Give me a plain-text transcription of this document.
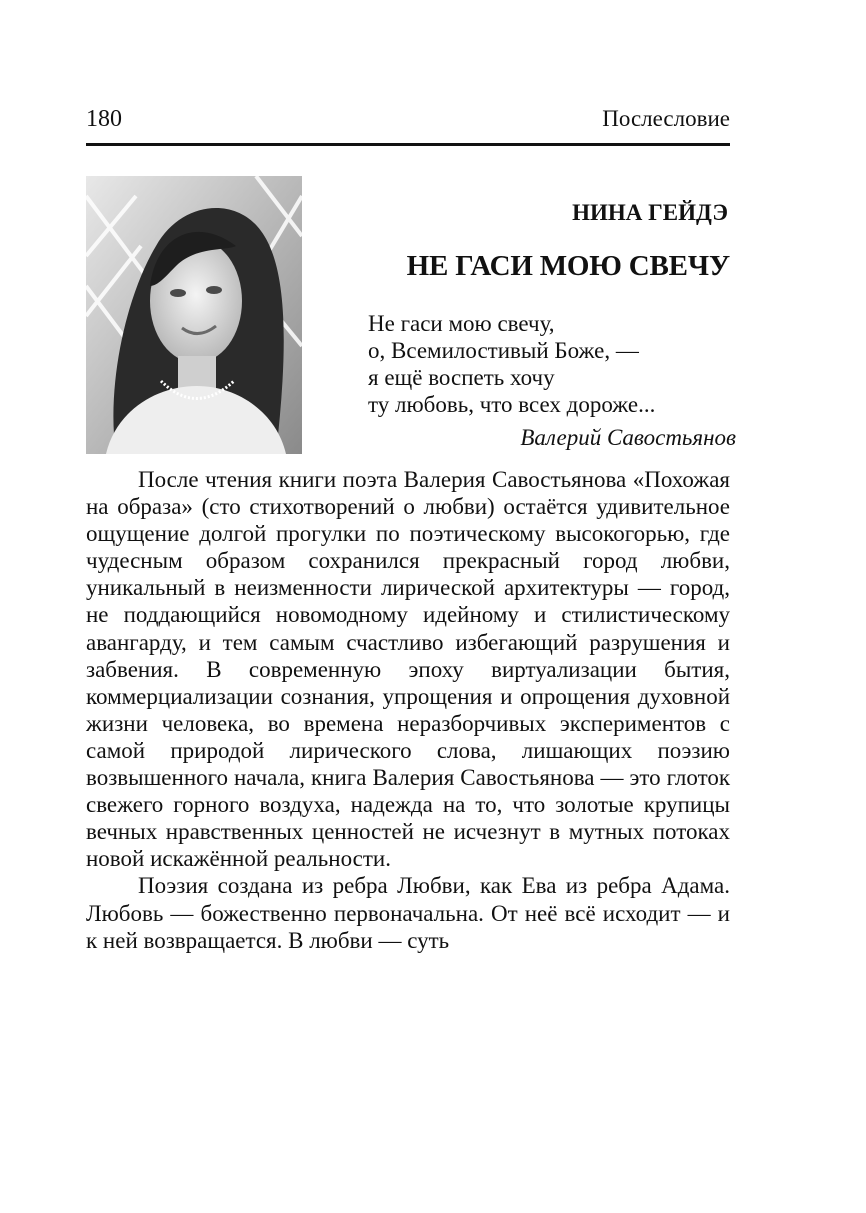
180	Послесловие
НИНА ГЕЙДЭ
НЕ ГАСИ МОЮ СВЕЧУ
Не гаси мою свечу,
о, Всемилостивый Боже, —
я ещё воспеть хочу
ту любовь, что всех дороже...
Валерий Савостьянов

После чтения книги поэта Валерия Савостьянова «Похожая на образа» (сто стихотворений о любви) остаётся удивительное ощущение долгой прогулки по поэтическому высокогорью, где чудесным образом сохранился прекрасный город любви, уникальный в неизменности лирической архитектуры — город, не поддающийся новомодному идейному и стилистическому авангарду, и тем самым счастливо избегающий разрушения и забвения. В современную эпоху виртуализации бытия, коммерциализации сознания, упрощения и опрощения духовной жизни человека, во времена неразборчивых экспериментов с самой природой лирического слова, лишающих поэзию возвышенного начала, книга Валерия Савостьянова — это глоток свежего горного воздуха, надежда на то, что золотые крупицы вечных нравственных ценностей не исчезнут в мутных потоках новой искажённой реальности.

Поэзия создана из ребра Любви, как Ева из ребра Адама. Любовь — божественно первоначальна. От неё всё исходит — и к ней возвращается. В любви — суть
